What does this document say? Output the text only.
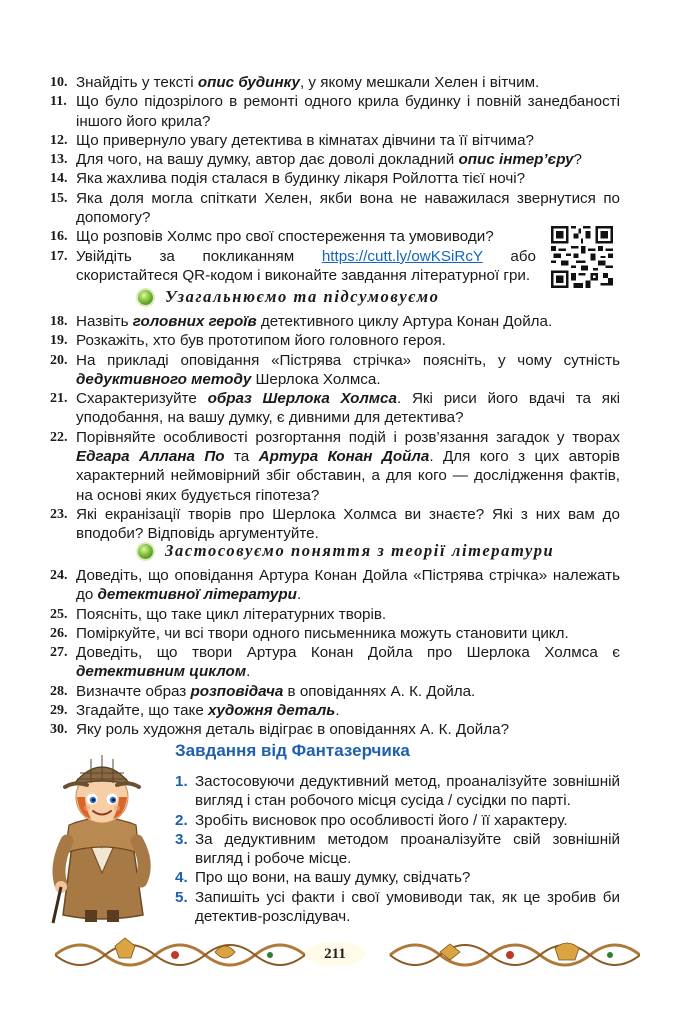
10. Знайдіть у тексті опис будинку, у якому мешкали Хелен і вітчим.
11. Що було підозрілого в ремонті одного крила будинку і повній занедбаності іншого його крила?
12. Що привернуло увагу детектива в кімнатах дівчини та її вітчима?
13. Для чого, на вашу думку, автор дає доволі докладний опис інтер’єру?
14. Яка жахлива подія сталася в будинку лікаря Ройлотта тієї ночі?
15. Яка доля могла спіткати Хелен, якби вона не наважилася звернутися по допомогу?
16. Що розповів Холмс про свої спостереження та умовиводи?
17. Увійдіть за покликанням https://cutt.ly/owKSiRcY або скористайтеся QR-кодом і виконайте завдання літературної гри.
Узагальнюємо та підсумовуємо
18. Назвіть головних героїв детективного циклу Артура Конан Дойла.
19. Розкажіть, хто був прототипом його головного героя.
20. На прикладі оповідання «Пістрява стрічка» поясніть, у чому сутність дедуктивного методу Шерлока Холмса.
21. Схарактеризуйте образ Шерлока Холмса. Які риси його вдачі та які уподобання, на вашу думку, є дивними для детектива?
22. Порівняйте особливості розгортання подій і розв’язання загадок у творах Едгара Аллана По та Артура Конан Дойла. Для кого з цих авторів характерний неймовірний збіг обставин, а для кого — дослідження фактів, на основі яких будується гіпотеза?
23. Які екранізації творів про Шерлока Холмса ви знаєте? Які з них вам до вподоби? Відповідь аргументуйте.
Застосовуємо поняття з теорії літератури
24. Доведіть, що оповідання Артура Конан Дойла «Пістрява стрічка» належать до детективної літератури.
25. Поясніть, що таке цикл літературних творів.
26. Поміркуйте, чи всі твори одного письменника можуть становити цикл.
27. Доведіть, що твори Артура Конан Дойла про Шерлока Холмса є детективним циклом.
28. Визначте образ розповідача в оповіданнях А. К. Дойла.
29. Згадайте, що таке художня деталь.
30. Яку роль художня деталь відіграє в оповіданнях А. К. Дойла?
Завдання від Фантазерчика
1. Застосовуючи дедуктивний метод, проаналізуйте зовнішній вигляд і стан робочого місця сусіда / сусідки по парті.
2. Зробіть висновок про особливості його / її характеру.
3. За дедуктивним методом проаналізуйте свій зовнішній вигляд і робоче місце.
4. Про що вони, на вашу думку, свідчать?
5. Запишіть усі факти і свої умовиводи так, як це зробив би детектив-розслідувач.
211
